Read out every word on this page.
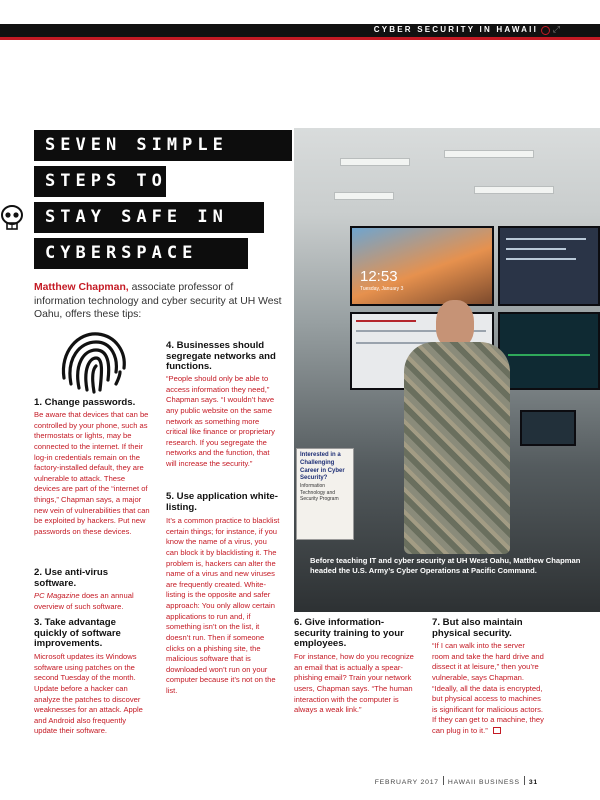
CYBER SECURITY IN HAWAII ⤢
SEVEN SIMPLE
STEPS TO
STAY SAFE IN
CYBERSPACE
12:53
Tuesday, January 3
Interested in a Challenging Career in Cyber Security?
Information Technology and Security Program
Before teaching IT and cyber security at UH West Oahu, Matthew Chapman headed the U.S. Army’s Cyber Operations at Pacific Command.
Matthew Chapman, associate professor of information technology and cyber security at UH West Oahu, offers these tips:
1. Change passwords.
Be aware that devices that can be controlled by your phone, such as thermostats or lights, may be connected to the internet. If their log-in credentials remain on the factory-installed default, they are vulnerable to attack. These devices are part of the “internet of things,” Chapman says, a major new vein of vulnerabilities that can be exploited by hackers. Put new passwords on these devices.
2. Use anti-virus software.
PC Magazine does an annual overview of such software.
3. Take advantage quickly of software improvements.
Microsoft updates its Windows software using patches on the second Tuesday of the month. Update before a hacker can analyze the patches to discover weaknesses for an attack. Apple and Android also frequently update their software.
4. Businesses should segregate networks and functions.
“People should only be able to access information they need,” Chapman says. “I wouldn’t have any public website on the same network as something more critical like finance or proprietary research. If you segregate the networks and the function, that will increase the security.”
5. Use application white-listing.
It’s a common practice to blacklist certain things; for instance, if you know the name of a virus, you can block it by blacklisting it. The problem is, hackers can alter the name of a virus and new viruses are frequently created. White-listing is the opposite and safer approach: You only allow certain applications to run and, if something isn’t on the list, it doesn’t run. Then if someone clicks on a phishing site, the malicious software that is downloaded won’t run on your computer because it’s not on the list.
6. Give information-security training to your employees.
For instance, how do you recognize an email that is actually a spear-phishing email? Train your network users, Chapman says. “The human interaction with the computer is always a weak link.”
7. But also maintain physical security.
“If I can walk into the server room and take the hard drive and dissect it at leisure,” then you’re vulnerable, says Chapman. “Ideally, all the data is encrypted, but physical access to machines is significant for malicious actors. If they can get to a machine, they can plug in to it.”
FEBRUARY 2017 HAWAII BUSINESS 31
